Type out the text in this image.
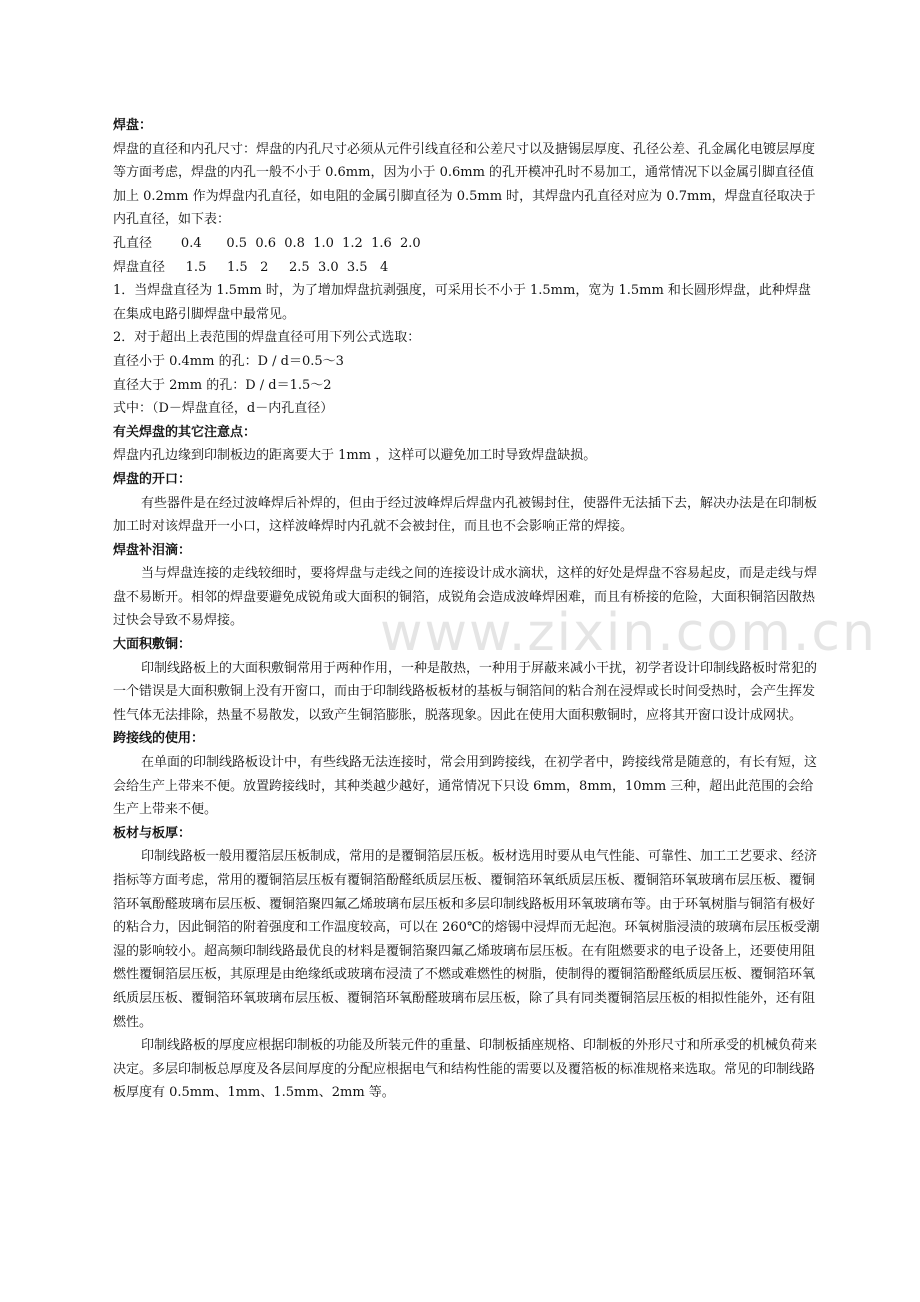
焊盘：

焊盘的直径和内孔尺寸：焊盘的内孔尺寸必须从元件引线直径和公差尺寸以及搪锡层厚度、孔径公差、孔金属化电镀层厚度等方面考虑，焊盘的内孔一般不小于 0.6mm，因为小于 0.6mm 的孔开模冲孔时不易加工，通常情况下以金属引脚直径值加上 0.2mm 作为焊盘内孔直径，如电阻的金属引脚直径为 0.5mm 时，其焊盘内孔直径对应为 0.7mm，焊盘直径取决于内孔直径，如下表：

孔直径       0.4      0.5  0.6  0.8  1.0  1.2  1.6  2.0

焊盘直径     1.5     1.5   2     2.5  3.0  3.5   4

1．当焊盘直径为 1.5mm 时，为了增加焊盘抗剥强度，可采用长不小于 1.5mm，宽为 1.5mm 和长圆形焊盘，此种焊盘在集成电路引脚焊盘中最常见。

2．对于超出上表范围的焊盘直径可用下列公式选取：

直径小于 0.4mm 的孔：D / d＝0.5～3

直径大于 2mm 的孔：D / d＝1.5～2

式中：（D－焊盘直径，d－内孔直径）

有关焊盘的其它注意点：

焊盘内孔边缘到印制板边的距离要大于 1mm ，这样可以避免加工时导致焊盘缺损。

焊盘的开口：

有些器件是在经过波峰焊后补焊的，但由于经过波峰焊后焊盘内孔被锡封住，使器件无法插下去，解决办法是在印制板加工时对该焊盘开一小口，这样波峰焊时内孔就不会被封住，而且也不会影响正常的焊接。

焊盘补泪滴：

当与焊盘连接的走线较细时，要将焊盘与走线之间的连接设计成水滴状，这样的好处是焊盘不容易起皮，而是走线与焊盘不易断开。相邻的焊盘要避免成锐角或大面积的铜箔，成锐角会造成波峰焊困难，而且有桥接的危险，大面积铜箔因散热过快会导致不易焊接。

大面积敷铜：

印制线路板上的大面积敷铜常用于两种作用，一种是散热，一种用于屏蔽来减小干扰，初学者设计印制线路板时常犯的一个错误是大面积敷铜上没有开窗口，而由于印制线路板板材的基板与铜箔间的粘合剂在浸焊或长时间受热时，会产生挥发性气体无法排除，热量不易散发，以致产生铜箔膨胀，脱落现象。因此在使用大面积敷铜时，应将其开窗口设计成网状。

跨接线的使用：

在单面的印制线路板设计中，有些线路无法连接时，常会用到跨接线，在初学者中，跨接线常是随意的，有长有短，这会给生产上带来不便。放置跨接线时，其种类越少越好，通常情况下只设 6mm，8mm，10mm 三种，超出此范围的会给生产上带来不便。

板材与板厚：

印制线路板一般用覆箔层压板制成，常用的是覆铜箔层压板。板材选用时要从电气性能、可靠性、加工工艺要求、经济指标等方面考虑，常用的覆铜箔层压板有覆铜箔酚醛纸质层压板、覆铜箔环氧纸质层压板、覆铜箔环氧玻璃布层压板、覆铜箔环氧酚醛玻璃布层压板、覆铜箔聚四氟乙烯玻璃布层压板和多层印制线路板用环氧玻璃布等。由于环氧树脂与铜箔有极好的粘合力，因此铜箔的附着强度和工作温度较高，可以在 260℃的熔锡中浸焊而无起泡。环氧树脂浸渍的玻璃布层压板受潮湿的影响较小。超高频印制线路最优良的材料是覆铜箔聚四氟乙烯玻璃布层压板。在有阻燃要求的电子设备上，还要使用阻燃性覆铜箔层压板，其原理是由绝缘纸或玻璃布浸渍了不燃或难燃性的树脂，使制得的覆铜箔酚醛纸质层压板、覆铜箔环氧纸质层压板、覆铜箔环氧玻璃布层压板、覆铜箔环氧酚醛玻璃布层压板，除了具有同类覆铜箔层压板的相拟性能外，还有阻燃性。

印制线路板的厚度应根据印制板的功能及所装元件的重量、印制板插座规格、印制板的外形尺寸和所承受的机械负荷来决定。多层印制板总厚度及各层间厚度的分配应根据电气和结构性能的需要以及覆箔板的标准规格来选取。常见的印制线路板厚度有 0.5mm、1mm、1.5mm、2mm 等。

www.zixin.com.cn
